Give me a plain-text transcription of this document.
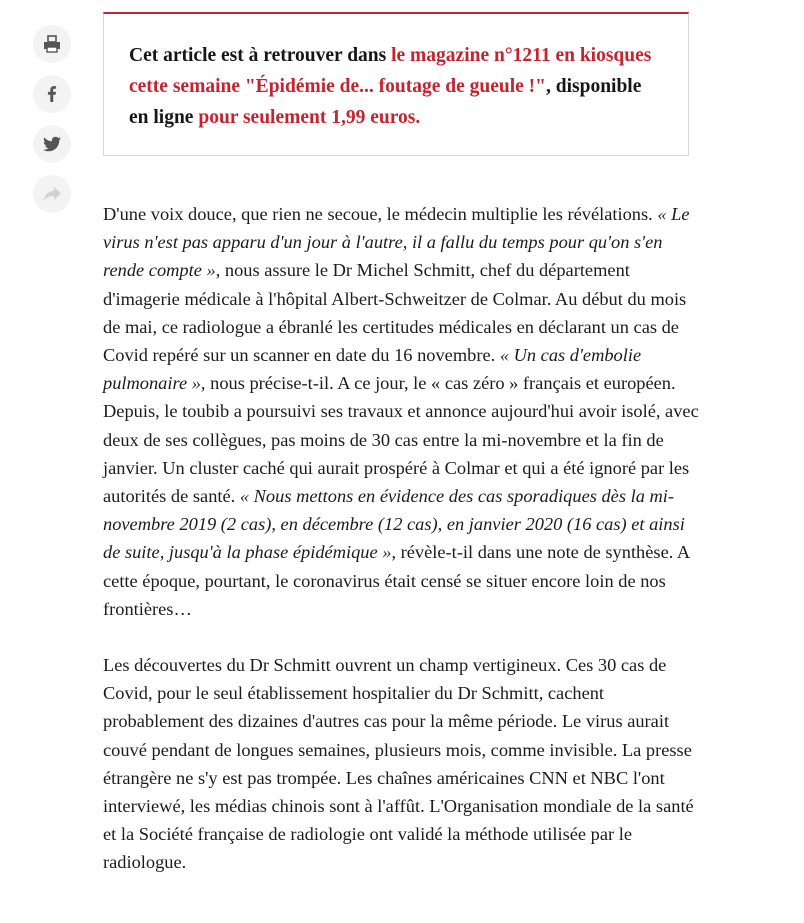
Cet article est à retrouver dans le magazine n°1211 en kiosques cette semaine "Épidémie de... foutage de gueule !", disponible en ligne pour seulement 1,99 euros.

D'une voix douce, que rien ne secoue, le médecin multiplie les révélations. « Le virus n'est pas apparu d'un jour à l'autre, il a fallu du temps pour qu'on s'en rende compte », nous assure le Dr Michel Schmitt, chef du département d'imagerie médicale à l'hôpital Albert-Schweitzer de Colmar. Au début du mois de mai, ce radiologue a ébranlé les certitudes médicales en déclarant un cas de Covid repéré sur un scanner en date du 16 novembre. « Un cas d'embolie pulmonaire », nous précise-t-il. A ce jour, le « cas zéro » français et européen. Depuis, le toubib a poursuivi ses travaux et annonce aujourd'hui avoir isolé, avec deux de ses collègues, pas moins de 30 cas entre la mi-novembre et la fin de janvier. Un cluster caché qui aurait prospéré à Colmar et qui a été ignoré par les autorités de santé. « Nous mettons en évidence des cas sporadiques dès la mi-novembre 2019 (2 cas), en décembre (12 cas), en janvier 2020 (16 cas) et ainsi de suite, jusqu'à la phase épidémique », révèle-t-il dans une note de synthèse. A cette époque, pourtant, le coronavirus était censé se situer encore loin de nos frontières…

Les découvertes du Dr Schmitt ouvrent un champ vertigineux. Ces 30 cas de Covid, pour le seul établissement hospitalier du Dr Schmitt, cachent probablement des dizaines d'autres cas pour la même période. Le virus aurait couvé pendant de longues semaines, plusieurs mois, comme invisible. La presse étrangère ne s'y est pas trompée. Les chaînes américaines CNN et NBC l'ont interviewé, les médias chinois sont à l'affût. L'Organisation mondiale de la santé et la Société française de radiologie ont validé la méthode utilisée par le radiologue.
